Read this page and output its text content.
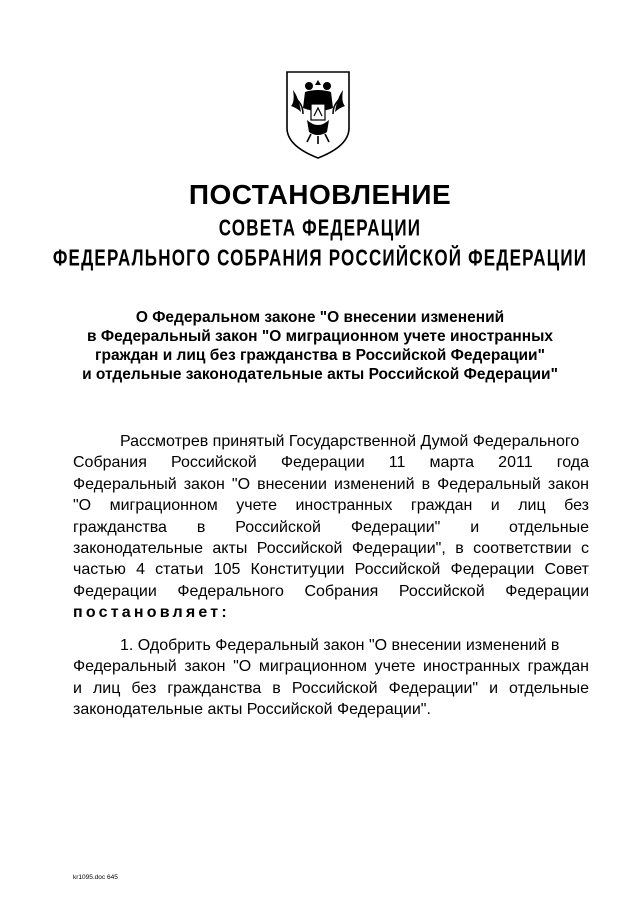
ПОСТАНОВЛЕНИЕ
СОВЕТА ФЕДЕРАЦИИ
ФЕДЕРАЛЬНОГО СОБРАНИЯ РОССИЙСКОЙ ФЕДЕРАЦИИ
О Федеральном законе "О внесении изменений
в Федеральный закон "О миграционном учете иностранных
граждан и лиц без гражданства в Российской Федерации"
и отдельные законодательные акты Российской Федерации"
Рассмотрев принятый Государственной Думой Федерального
Собрания Российской Федерации 11 марта 2011 года
Федеральный закон "О внесении изменений в Федеральный закон
"О миграционном учете иностранных граждан и лиц без
гражданства в Российской Федерации" и отдельные
законодательные акты Российской Федерации", в соответствии с
частью 4 статьи 105 Конституции Российской Федерации Совет
Федерации Федерального Собрания Российской Федерации
постановляет:
1. Одобрить Федеральный закон "О внесении изменений в
Федеральный закон "О миграционном учете иностранных граждан
и лиц без гражданства в Российской Федерации" и отдельные
законодательные акты Российской Федерации".
kr1095.doc 645
